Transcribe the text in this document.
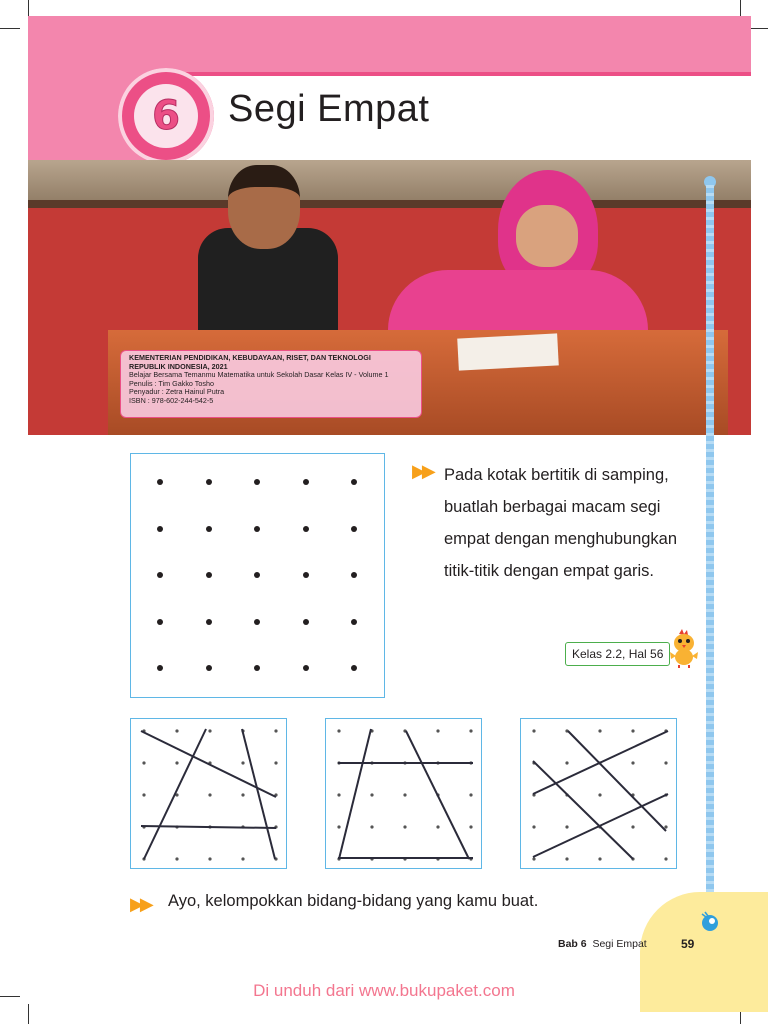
6	Segi Empat
KEMENTERIAN PENDIDIKAN, KEBUDAYAAN, RISET, DAN TEKNOLOGI
REPUBLIK INDONESIA, 2021
Belajar Bersama Temanmu Matematika untuk Sekolah Dasar Kelas IV - Volume 1
Penulis : Tim Gakko Tosho
Penyadur : Zetra Hainul Putra
ISBN : 978-602-244-542-5
▶▶ Pada kotak bertitik di samping,
buatlah berbagai macam segi
empat dengan menghubungkan
titik-titik dengan empat garis.
Kelas 2.2, Hal 56
▶▶ Ayo, kelompokkan bidang-bidang yang kamu buat.
Bab 6 Segi Empat	59
Di unduh dari www.bukupaket.com
